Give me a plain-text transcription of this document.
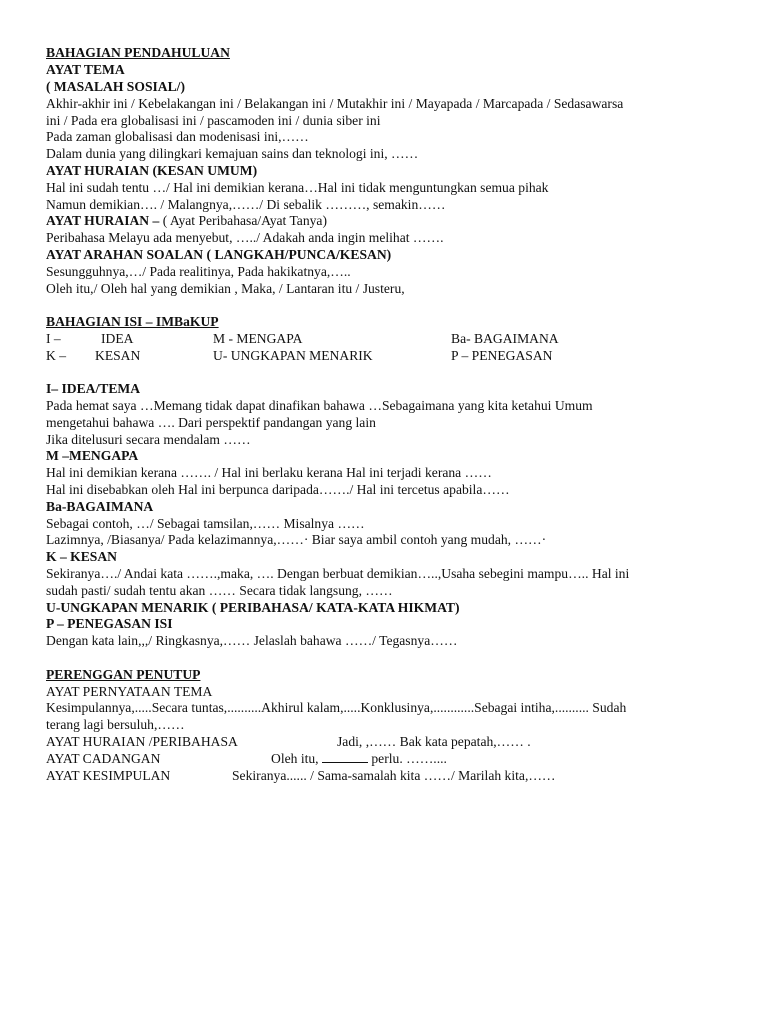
BAHAGIAN PENDAHULUAN
AYAT TEMA
( MASALAH SOSIAL/)
Akhir-akhir ini / Kebelakangan ini / Belakangan ini / Mutakhir ini / Mayapada / Marcapada / Sedasawarsa
ini / Pada era globalisasi ini / pascamoden ini / dunia siber ini
Pada zaman globalisasi dan modenisasi ini,……
Dalam dunia yang dilingkari kemajuan sains dan teknologi ini, ……
AYAT HURAIAN (KESAN UMUM)
Hal ini sudah tentu …/ Hal ini demikian kerana…Hal ini tidak menguntungkan semua pihak
Namun demikian…. / Malangnya,……/ Di sebalik ………, semakin……
AYAT HURAIAN – ( Ayat Peribahasa/Ayat Tanya)
Peribahasa Melayu ada menyebut, …../ Adakah anda ingin melihat …….
AYAT ARAHAN SOALAN ( LANGKAH/PUNCA/KESAN)
Sesungguhnya,…/ Pada realitinya, Pada hakikatnya,…..
Oleh itu,/ Oleh hal yang demikian , Maka, / Lantaran itu / Justeru,
BAHAGIAN ISI – IMBaKUP
I –	IDEA	M - MENGAPA	Ba- BAGAIMANA
K – KESAN	U- UNGKAPAN MENARIK	P – PENEGASAN
I– IDEA/TEMA
Pada hemat saya …Memang tidak dapat dinafikan bahawa …Sebagaimana yang kita ketahui Umum
mengetahui bahawa …. Dari perspektif pandangan yang lain
Jika ditelusuri secara mendalam ……
M –MENGAPA
Hal ini demikian kerana ……. / Hal ini berlaku kerana Hal ini terjadi kerana ……
Hal ini disebabkan oleh Hal ini berpunca daripada……./ Hal ini tercetus apabila……
Ba-BAGAIMANA
Sebagai contoh, …/ Sebagai tamsilan,…… Misalnya ……
Lazimnya, /Biasanya/ Pada kelazimannya,……· Biar saya ambil contoh yang mudah, ……·
K – KESAN
Sekiranya…./ Andai kata …….,maka, …. Dengan berbuat demikian…..,Usaha sebegini mampu….. Hal ini
sudah pasti/ sudah tentu akan …… Secara tidak langsung, ……
U-UNGKAPAN MENARIK ( PERIBAHASA/ KATA-KATA HIKMAT)
P – PENEGASAN ISI
Dengan kata lain,,,/ Ringkasnya,…… Jelaslah bahawa ……/ Tegasnya……
PERENGGAN PENUTUP
AYAT PERNYATAAN TEMA
Kesimpulannya,.....Secara tuntas,..........Akhirul kalam,.....Konklusinya,............Sebagai intiha,.......... Sudah
terang lagi bersuluh,……
AYAT HURAIAN /PERIBAHASA	Jadi, ,…… Bak kata pepatah,…… .
AYAT CADANGAN	Oleh itu,	perlu. ……....
AYAT KESIMPULAN	Sekiranya...... / Sama-samalah kita ……/ Marilah kita,……
